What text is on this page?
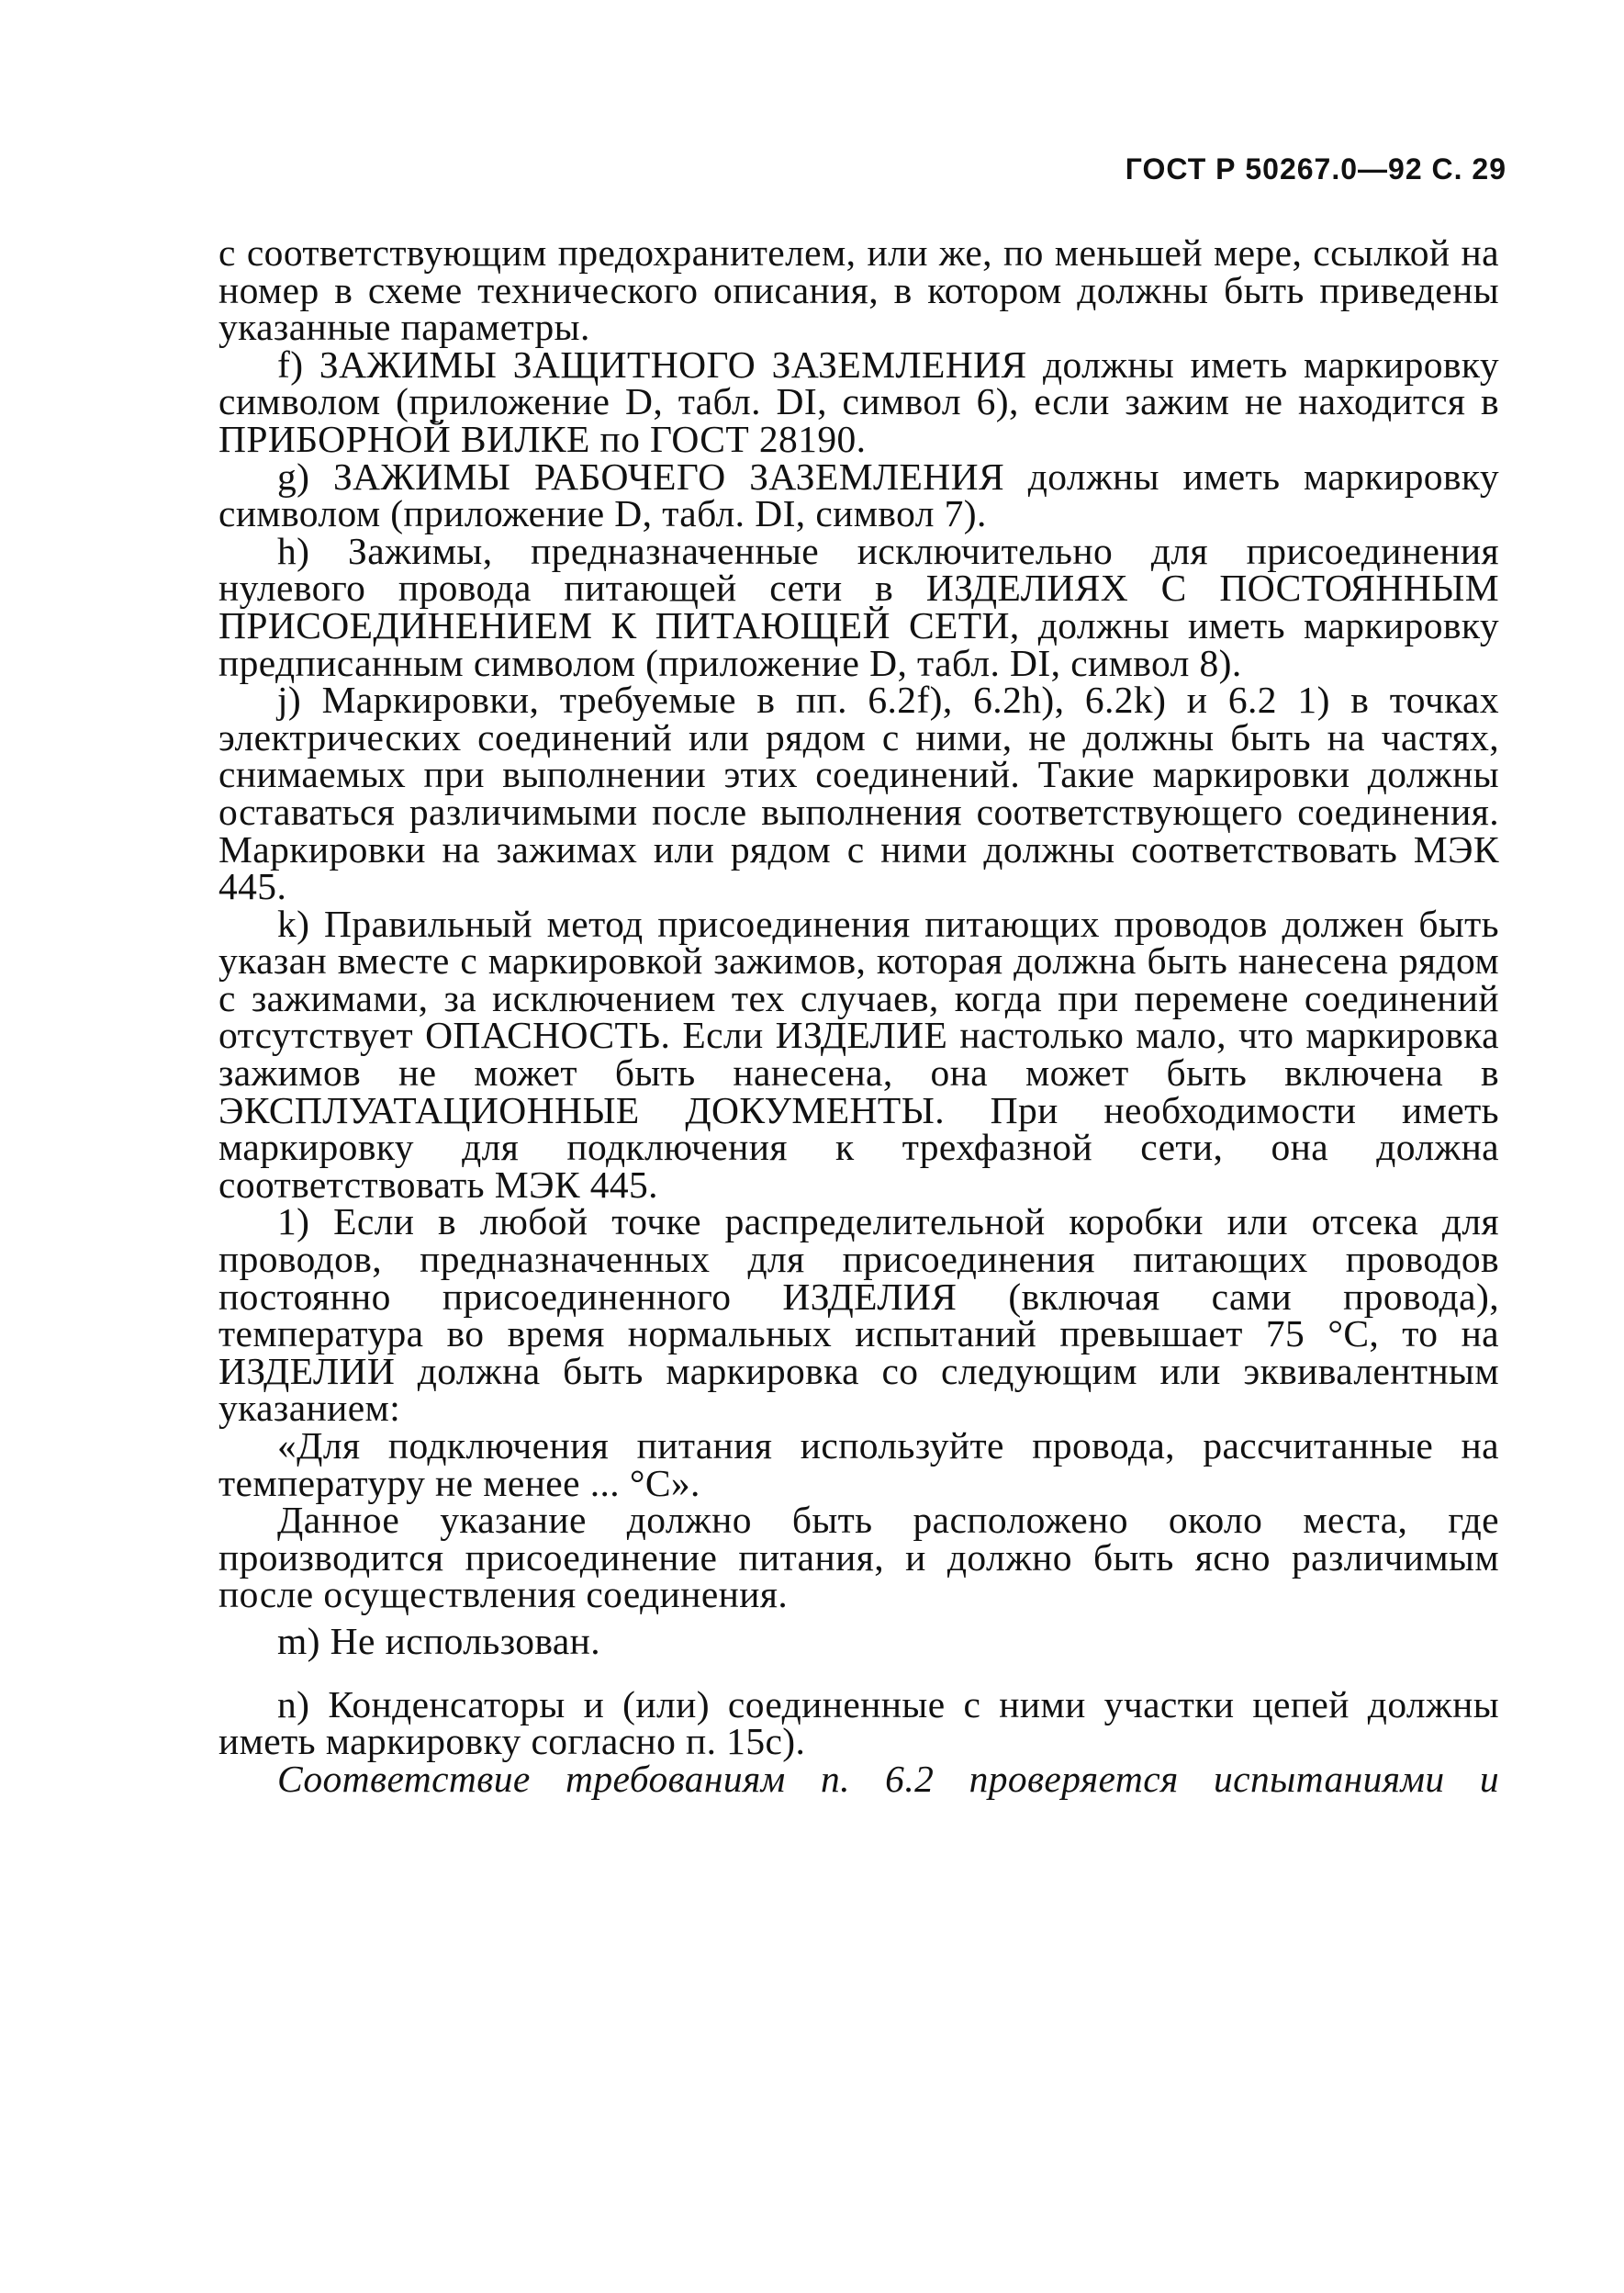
ГОСТ Р 50267.0—92 С. 29

с соответствующим предохранителем, или же, по меньшей мере, ссылкой на номер в схеме технического описания, в котором должны быть приведены указанные параметры.

f) ЗАЖИМЫ ЗАЩИТНОГО ЗАЗЕМЛЕНИЯ должны иметь маркировку символом (приложение D, табл. DI, символ 6), если зажим не находится в ПРИБОРНОЙ ВИЛКЕ по ГОСТ 28190.

g) ЗАЖИМЫ РАБОЧЕГО ЗАЗЕМЛЕНИЯ должны иметь маркировку символом (приложение D, табл. DI, символ 7).

h) Зажимы, предназначенные исключительно для присоединения нулевого провода питающей сети в ИЗДЕЛИЯХ С ПОСТОЯННЫМ ПРИСОЕДИНЕНИЕМ К ПИТАЮЩЕЙ СЕТИ, должны иметь маркировку предписанным символом (приложение D, табл. DI, символ 8).

j) Маркировки, требуемые в пп. 6.2f), 6.2h), 6.2k) и 6.2 1) в точках электрических соединений или рядом с ними, не должны быть на частях, снимаемых при выполнении этих соединений. Такие маркировки должны оставаться различимыми после выполнения соответствующего соединения. Маркировки на зажимах или рядом с ними должны соответствовать МЭК 445.

k) Правильный метод присоединения питающих проводов должен быть указан вместе с маркировкой зажимов, которая должна быть нанесена рядом с зажимами, за исключением тех случаев, когда при перемене соединений отсутствует ОПАСНОСТЬ. Если ИЗДЕЛИЕ настолько мало, что маркировка зажимов не может быть нанесена, она может быть включена в ЭКСПЛУАТАЦИОННЫЕ ДОКУМЕНТЫ. При необходимости иметь маркировку для подключения к трехфазной сети, она должна соответствовать МЭК 445.

1) Если в любой точке распределительной коробки или отсека для проводов, предназначенных для присоединения питающих проводов постоянно присоединенного ИЗДЕЛИЯ (включая сами провода), температура во время нормальных испытаний превышает 75 °С, то на ИЗДЕЛИИ должна быть маркировка со следующим или эквивалентным указанием:

«Для подключения питания используйте провода, рассчитанные на температуру не менее ... °С».

Данное указание должно быть расположено около места, где производится присоединение питания, и должно быть ясно различимым после осуществления соединения.

m) Не использован.

n) Конденсаторы и (или) соединенные с ними участки цепей должны иметь маркировку согласно п. 15с).

Соответствие требованиям п. 6.2 проверяется испытаниями и
